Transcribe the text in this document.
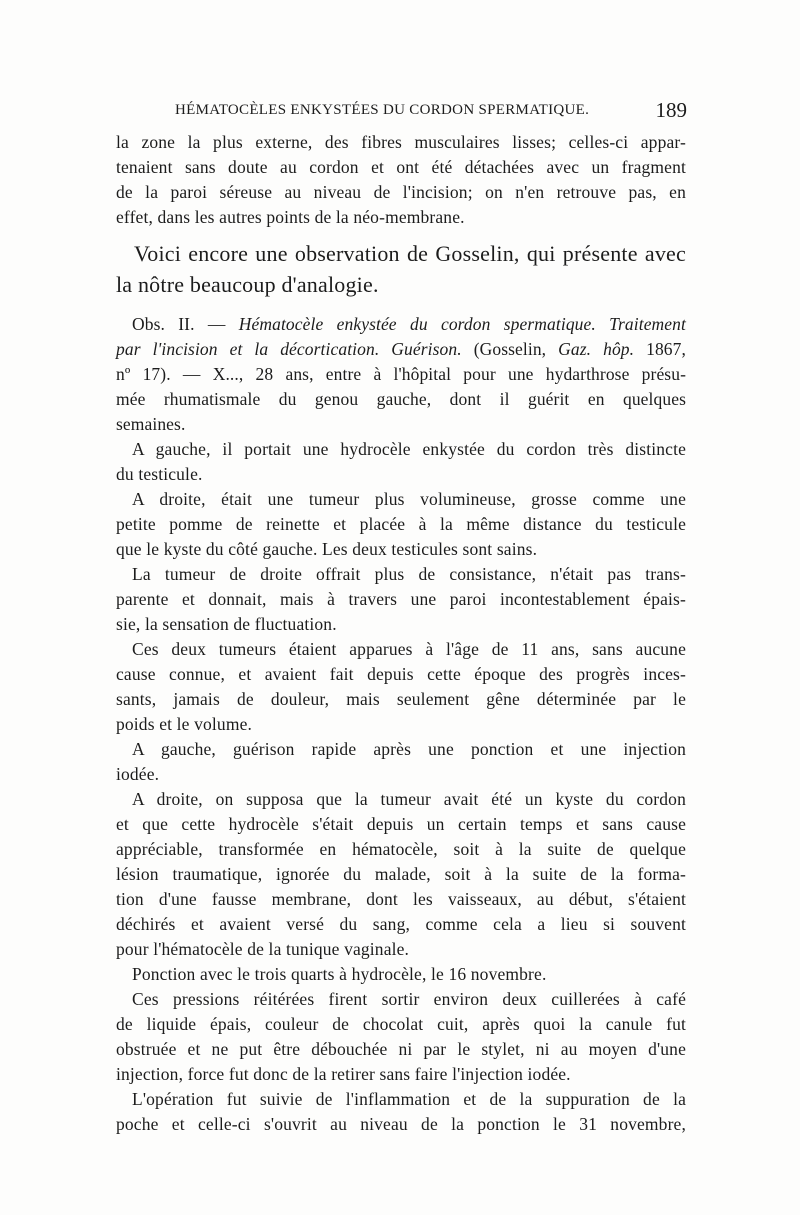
HÉMATOCÈLES ENKYSTÉES DU CORDON SPERMATIQUE.	189
la zone la plus externe, des fibres musculaires lisses; celles-ci appar-
tenaient sans doute au cordon et ont été détachées avec un fragment
de la paroi séreuse au niveau de l'incision; on n'en retrouve pas, en
effet, dans les autres points de la néo-membrane.
Voici encore une observation de Gosselin, qui présente avec
la nôtre beaucoup d'analogie.
Obs. II. — Hématocèle enkystée du cordon spermatique. Traitement
par l'incision et la décortication. Guérison. (Gosselin, Gaz. hôp. 1867,
nº 17). — X..., 28 ans, entre à l'hôpital pour une hydarthrose présu-
mée rhumatismale du genou gauche, dont il guérit en quelques
semaines.
A gauche, il portait une hydrocèle enkystée du cordon très distincte
du testicule.
A droite, était une tumeur plus volumineuse, grosse comme une
petite pomme de reinette et placée à la même distance du testicule
que le kyste du côté gauche. Les deux testicules sont sains.
La tumeur de droite offrait plus de consistance, n'était pas trans-
parente et donnait, mais à travers une paroi incontestablement épais-
sie, la sensation de fluctuation.
Ces deux tumeurs étaient apparues à l'âge de 11 ans, sans aucune
cause connue, et avaient fait depuis cette époque des progrès inces-
sants, jamais de douleur, mais seulement gêne déterminée par le
poids et le volume.
A gauche, guérison rapide après une ponction et une injection
iodée.
A droite, on supposa que la tumeur avait été un kyste du cordon
et que cette hydrocèle s'était depuis un certain temps et sans cause
appréciable, transformée en hématocèle, soit à la suite de quelque
lésion traumatique, ignorée du malade, soit à la suite de la forma-
tion d'une fausse membrane, dont les vaisseaux, au début, s'étaient
déchirés et avaient versé du sang, comme cela a lieu si souvent
pour l'hématocèle de la tunique vaginale.
Ponction avec le trois quarts à hydrocèle, le 16 novembre.
Ces pressions réitérées firent sortir environ deux cuillerées à café
de liquide épais, couleur de chocolat cuit, après quoi la canule fut
obstruée et ne put être débouchée ni par le stylet, ni au moyen d'une
injection, force fut donc de la retirer sans faire l'injection iodée.
L'opération fut suivie de l'inflammation et de la suppuration de la
poche et celle-ci s'ouvrit au niveau de la ponction le 31 novembre,
